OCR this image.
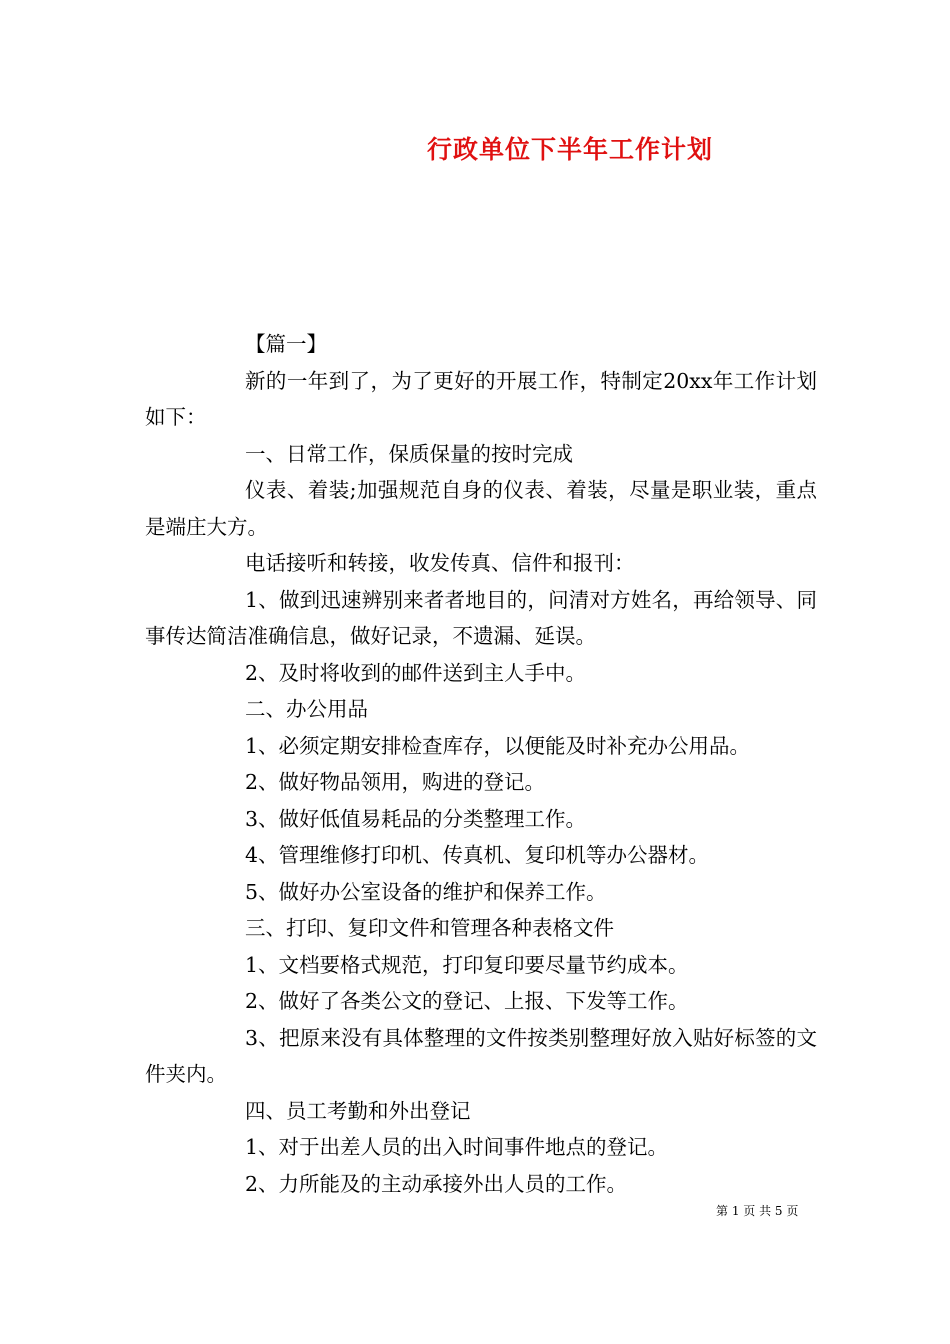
行政单位下半年工作计划

【篇一】

新的一年到了，为了更好的开展工作，特制定20xx年工作计划如下：

一、日常工作，保质保量的按时完成

仪表、着装;加强规范自身的仪表、着装，尽量是职业装，重点是端庄大方。

电话接听和转接，收发传真、信件和报刊：

1、做到迅速辨别来者者地目的，问清对方姓名，再给领导、同事传达简洁准确信息，做好记录，不遗漏、延误。

2、及时将收到的邮件送到主人手中。

二、办公用品

1、必须定期安排检查库存，以便能及时补充办公用品。

2、做好物品领用，购进的登记。

3、做好低值易耗品的分类整理工作。

4、管理维修打印机、传真机、复印机等办公器材。

5、做好办公室设备的维护和保养工作。

三、打印、复印文件和管理各种表格文件

1、文档要格式规范，打印复印要尽量节约成本。

2、做好了各类公文的登记、上报、下发等工作。

3、把原来没有具体整理的文件按类别整理好放入贴好标签的文件夹内。

四、员工考勤和外出登记

1、对于出差人员的出入时间事件地点的登记。

2、力所能及的主动承接外出人员的工作。

第 1 页 共 5 页
